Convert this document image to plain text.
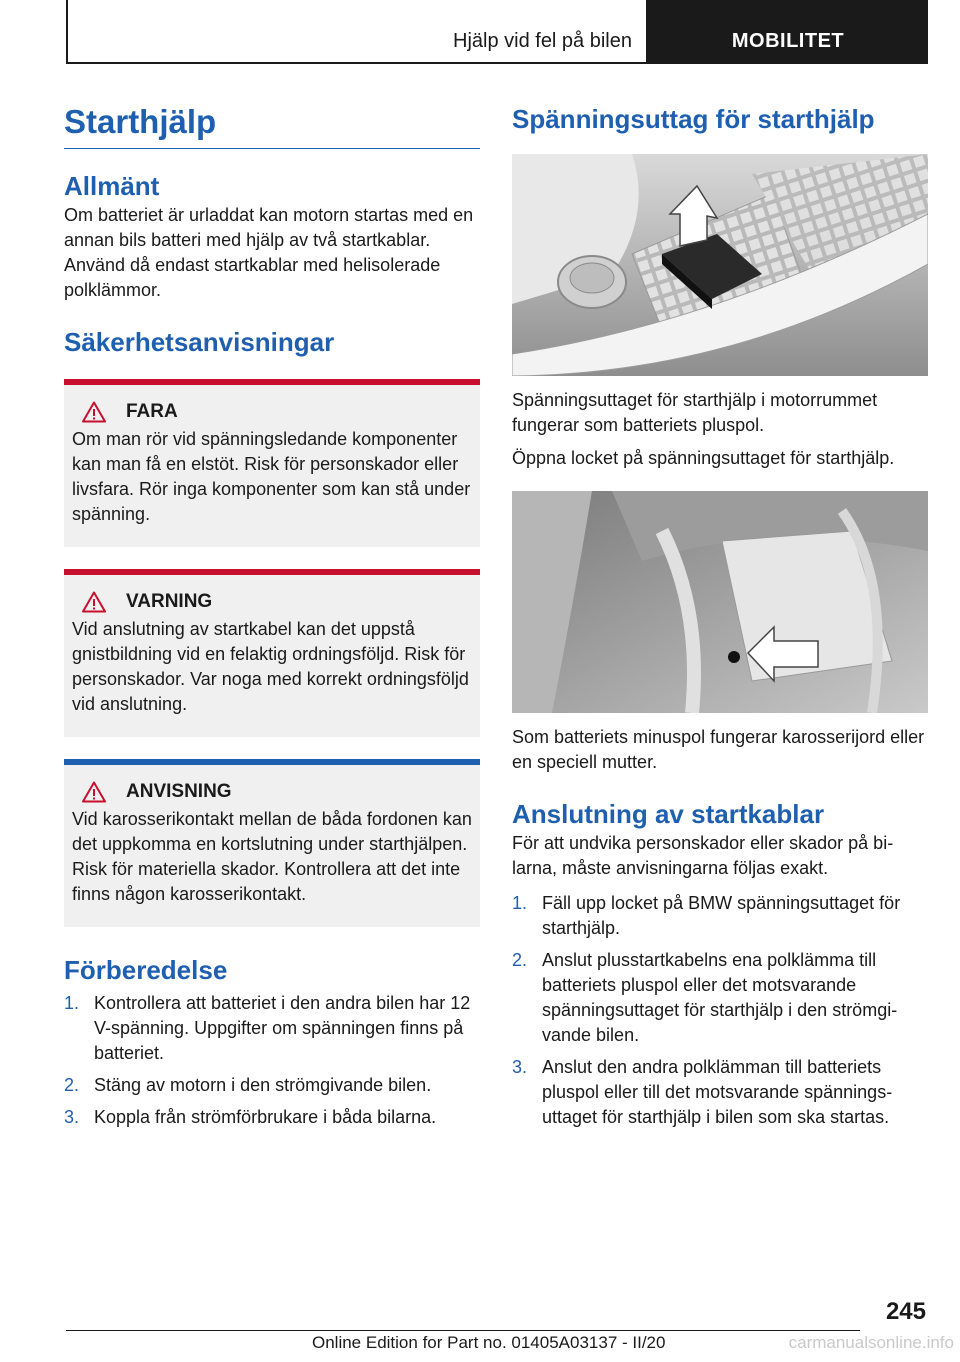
Hjälp vid fel på bilen	MOBILITET
Starthjälp
Allmänt

Om batteriet är urladdat kan motorn startas med en annan bils batteri med hjälp av två startkablar. Använd då endast startkablar med helisolerade polklämmor.

Säkerhetsanvisningar
FARA

Om man rör vid spänningsledande komponenter kan man få en elstöt. Risk för personskador eller livsfara. Rör inga komponenter som kan stå under spänning.

VARNING

Vid anslutning av startkabel kan det uppstå gnistbildning vid en felaktig ordningsföljd. Risk för personskador. Var noga med korrekt ordningsföljd vid anslutning.

ANVISNING

Vid karosserikontakt mellan de båda fordonen kan det uppkomma en kortslutning under starthjälpen. Risk för materiella skador. Kontrollera att det inte finns någon karosserikontakt.

Förberedelse
1. Kontrollera att batteriet i den andra bilen har 12 V-spänning. Uppgifter om spänningen finns på batteriet.
2. Stäng av motorn i den strömgivande bilen.
3. Koppla från strömförbrukare i båda bilarna.
Spänningsuttag för starthjälp

Spänningsuttaget för starthjälp i motorrummet fungerar som batteriets pluspol.

Öppna locket på spänningsuttaget för starthjälp.

Som batteriets minuspol fungerar karosserijord eller en speciell mutter.

Anslutning av startkablar

För att undvika personskador eller skador på bilarna, måste anvisningarna följas exakt.

1. Fäll upp locket på BMW spänningsuttaget för starthjälp.
2. Anslut plusstartkabelns ena polklämma till batteriets pluspol eller det motsvarande spänningsuttaget för starthjälp i den strömgivande bilen.
3. Anslut den andra polklämman till batteriets pluspol eller till det motsvarande spänningsuttaget för starthjälp i bilen som ska startas.
245
Online Edition for Part no. 01405A03137 - II/20	carmanualsonline.info
